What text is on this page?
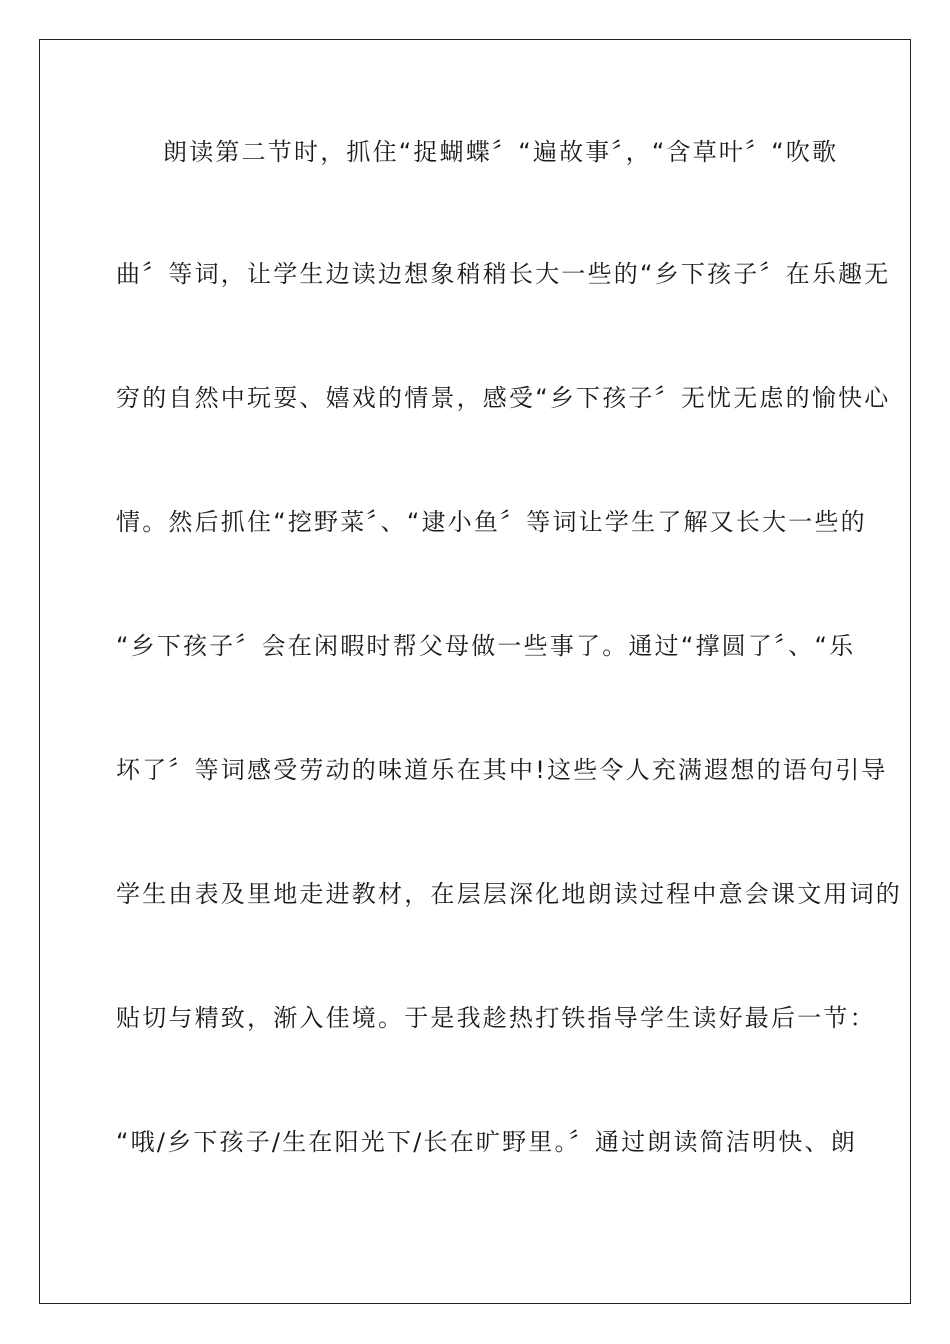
朗读第二节时，抓住“捉蝴蝶〞“遍故事〞，“含草叶〞“吹歌
曲〞等词，让学生边读边想象稍稍长大一些的“乡下孩子〞在乐趣无
穷的自然中玩耍、嬉戏的情景，感受“乡下孩子〞无忧无虑的愉快心
情。然后抓住“挖野菜〞、“逮小鱼〞等词让学生了解又长大一些的
“乡下孩子〞会在闲暇时帮父母做一些事了。通过“撑圆了〞、“乐
坏了〞等词感受劳动的味道乐在其中!这些令人充满遐想的语句引导
学生由表及里地走进教材，在层层深化地朗读过程中意会课文用词的
贴切与精致，渐入佳境。于是我趁热打铁指导学生读好最后一节：
“哦/乡下孩子/生在阳光下/长在旷野里。〞通过朗读简洁明快、朗
